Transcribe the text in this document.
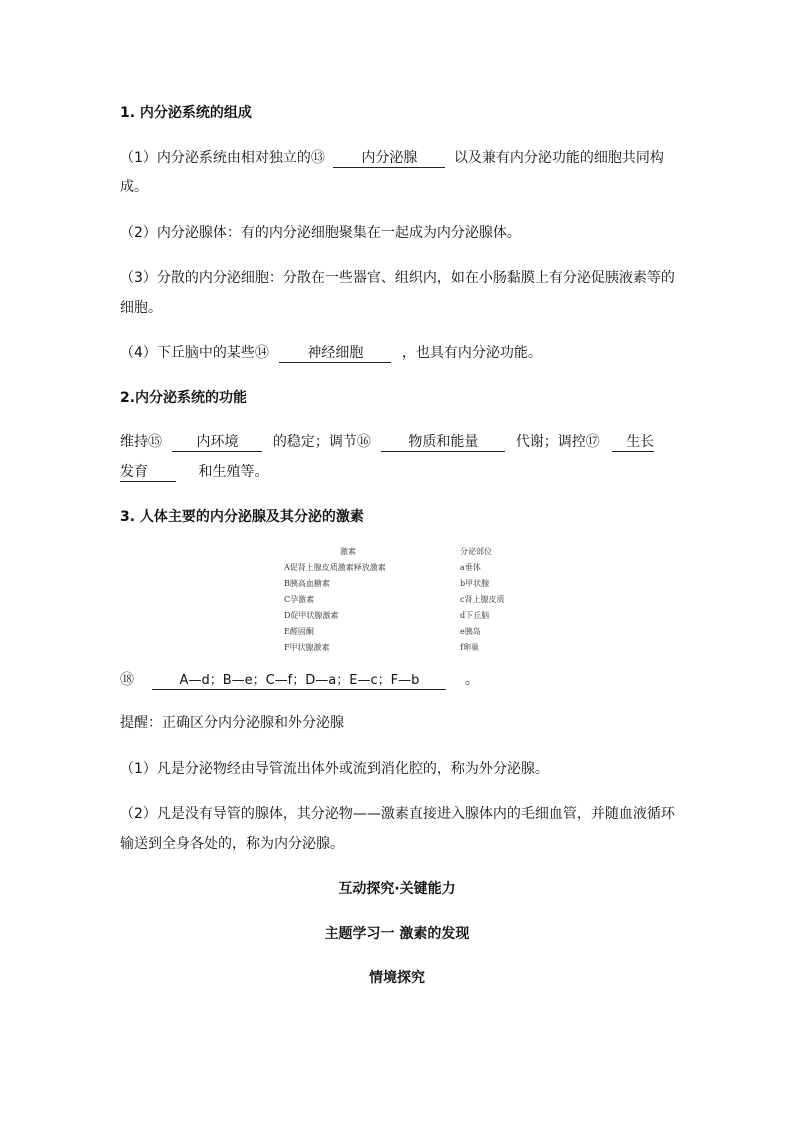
1. 内分泌系统的组成
（1）内分泌系统由相对独立的⑬	内分泌腺	以及兼有内分泌功能的细胞共同构
成。
（2）内分泌腺体：有的内分泌细胞聚集在一起成为内分泌腺体。
（3）分散的内分泌细胞：分散在一些器官、组织内，如在小肠黏膜上有分泌促胰液素等的
细胞。
（4）下丘脑中的某些⑭	神经细胞	，也具有内分泌功能。
2.内分泌系统的功能
维持⑮ 内环境 的稳定；调节⑯	物质和能量	代谢；调控⑰ 生长
发育	和生殖等。
3. 人体主要的内分泌腺及其分泌的激素
激素	分泌部位
A促肾上腺皮质激素释放激素	a垂体
B胰高血糖素	b甲状腺
C孕激素	c肾上腺皮质
D促甲状腺激素	d下丘脑
E醛固酮	e胰岛
F甲状腺激素	f卵巢
⑱	A—d；B—e；C—f；D—a；E—c；F—b	。
提醒：正确区分内分泌腺和外分泌腺
（1）凡是分泌物经由导管流出体外或流到消化腔的，称为外分泌腺。
（2）凡是没有导管的腺体，其分泌物——激素直接进入腺体内的毛细血管，并随血液循环
输送到全身各处的，称为内分泌腺。
互动探究·关键能力
主题学习一 激素的发现
情境探究
